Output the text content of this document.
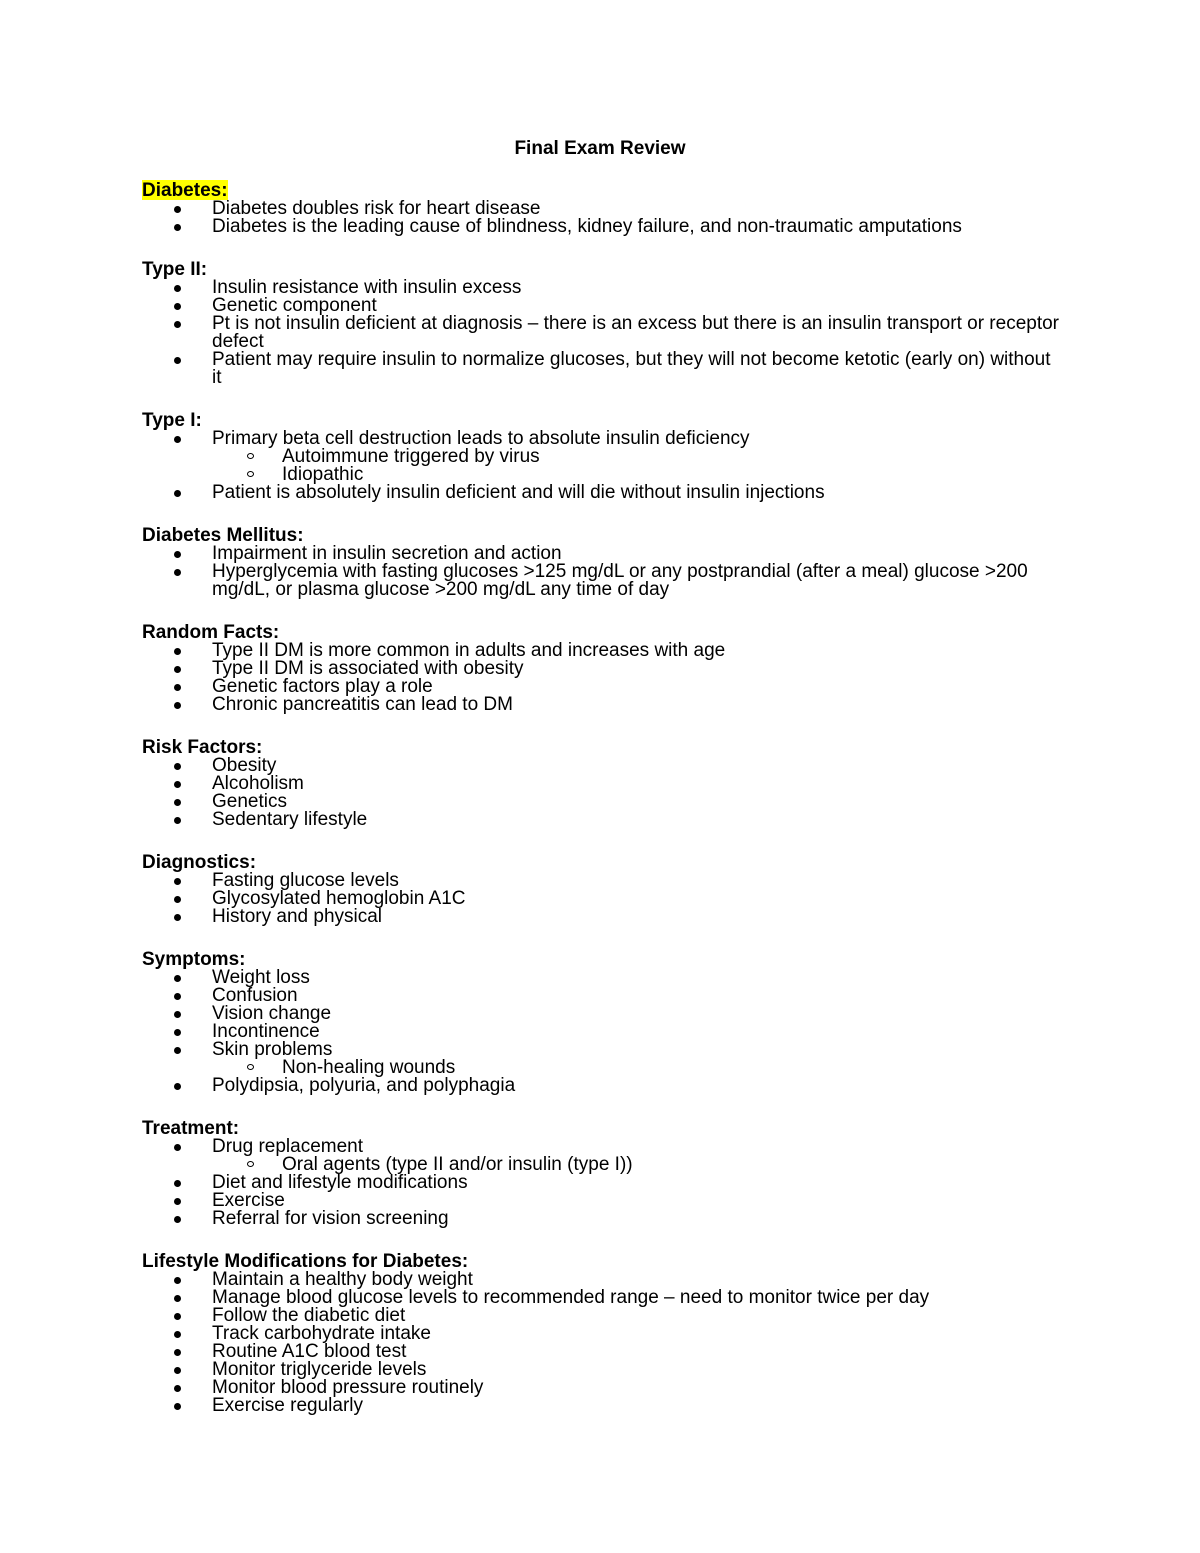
Final Exam Review
Diabetes:
Diabetes doubles risk for heart disease
Diabetes is the leading cause of blindness, kidney failure, and non-traumatic amputations
Type II:
Insulin resistance with insulin excess
Genetic component
Pt is not insulin deficient at diagnosis – there is an excess but there is an insulin transport or receptor defect
Patient may require insulin to normalize glucoses, but they will not become ketotic (early on) without it
Type I:
Primary beta cell destruction leads to absolute insulin deficiency
Autoimmune triggered by virus
Idiopathic
Patient is absolutely insulin deficient and will die without insulin injections
Diabetes Mellitus:
Impairment in insulin secretion and action
Hyperglycemia with fasting glucoses >125 mg/dL or any postprandial (after a meal) glucose >200 mg/dL, or plasma glucose >200 mg/dL any time of day
Random Facts:
Type II DM is more common in adults and increases with age
Type II DM is associated with obesity
Genetic factors play a role
Chronic pancreatitis can lead to DM
Risk Factors:
Obesity
Alcoholism
Genetics
Sedentary lifestyle
Diagnostics:
Fasting glucose levels
Glycosylated hemoglobin A1C
History and physical
Symptoms:
Weight loss
Confusion
Vision change
Incontinence
Skin problems
Non-healing wounds
Polydipsia, polyuria, and polyphagia
Treatment:
Drug replacement
Oral agents (type II and/or insulin (type I))
Diet and lifestyle modifications
Exercise
Referral for vision screening
Lifestyle Modifications for Diabetes:
Maintain a healthy body weight
Manage blood glucose levels to recommended range – need to monitor twice per day
Follow the diabetic diet
Track carbohydrate intake
Routine A1C blood test
Monitor triglyceride levels
Monitor blood pressure routinely
Exercise regularly
